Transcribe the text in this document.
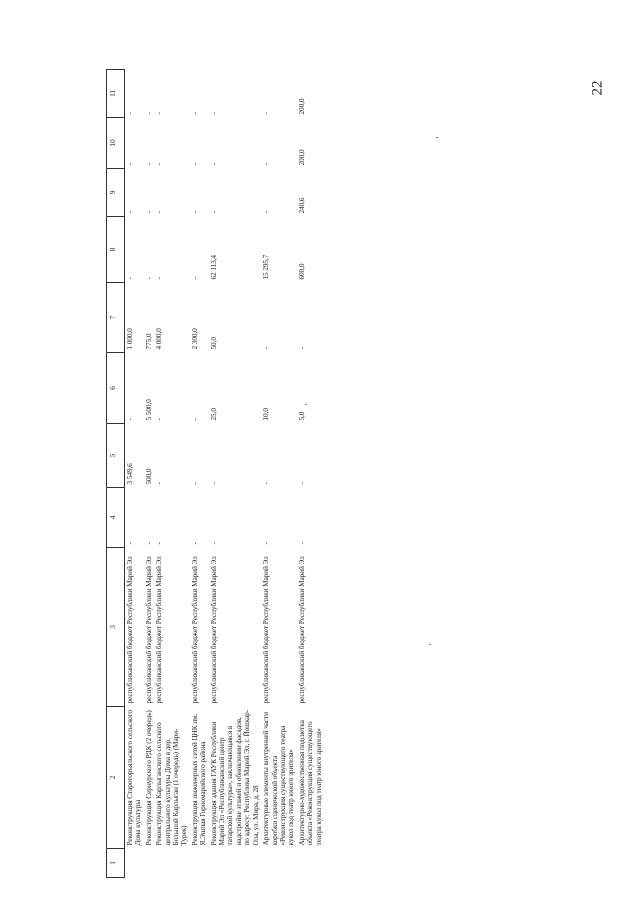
22
1	2	3	4	5	6	7	8	9	10	11
	Реконструкция Староторъяльского сельского Дома культуры	республиканский бюджет Республики Марий Эл	-	3 549,6	-	1 000,0	-	-	-	-
	Реконструкция Сернурского РДК (2 очередь)	республиканский бюджет Республики Марий Эл	-	500,0	5 500,0	775,0	-	-	-	-
	Реконструкция Карлыганского сельского центрального культуры Дома в дер. Большой Карлыган (1 очередь) (Мари-Турек)	республиканский бюджет Республики Марий Эл	-	-	-	4 000,0	-	-	-	-
	Реконструкция инженерных сетей ЦНК им. Я.Эшпая Горномарийского района	республиканский бюджет Республики Марий Эл	-	-	-	2 300,0	-	-	-	-
	Реконструкция здания ГАУК Республики Марий Эл «Республиканский центр татарской культуры», заключающаяся в надстройке этажей и обновлении фасадов, по адресу: Республика Марий Эл, г. Йошкар-Ола, ул. Мира, д. 28	республиканский бюджет Республики Марий Эл	-	-	25,0	50,0	62 113,4	-	-	-
	Архитектурные элементы внутренней части коробки сценической объекта «Реконструкция существующего театра кукол под театр юного зрителя»	республиканский бюджет Республики Марий Эл	-	-	10,0	-	15 295,7	-	-	-
	Архитектурно-художественная подсветка объекта «Реконструкция существующего театра кукол под театр юного зрителя»	республиканский бюджет Республики Марий Эл	-	-	5,0	-	600,0	240,6	200,0	200,0
